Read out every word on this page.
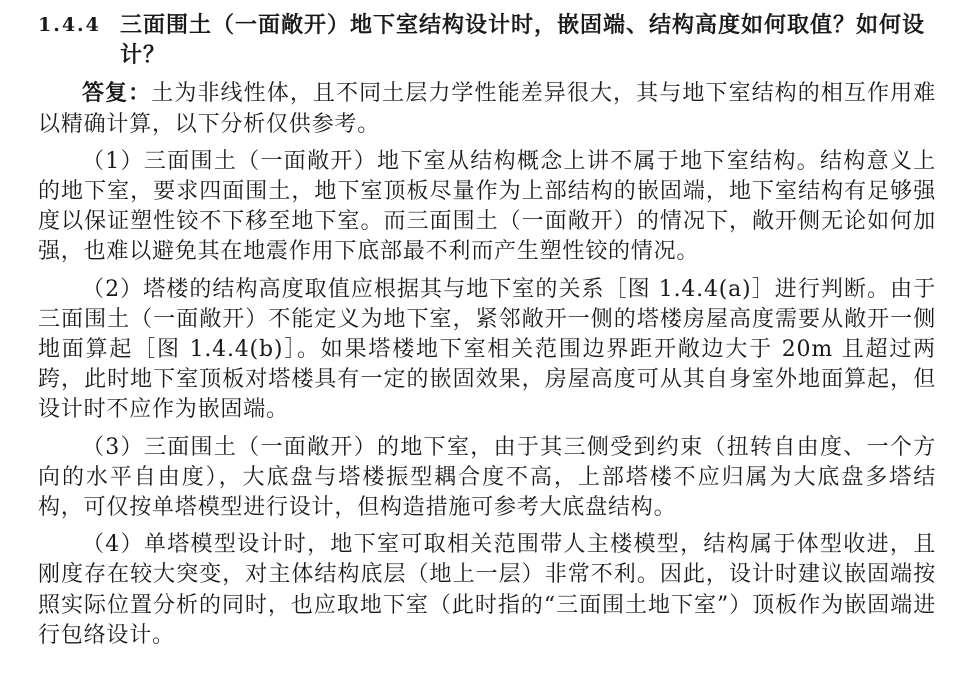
1.4.4 三面围土（一面敞开）地下室结构设计时，嵌固端、结构高度如何取值？如何设计？

答复：土为非线性体，且不同土层力学性能差异很大，其与地下室结构的相互作用难以精确计算，以下分析仅供参考。

（1）三面围土（一面敞开）地下室从结构概念上讲不属于地下室结构。结构意义上的地下室，要求四面围土，地下室顶板尽量作为上部结构的嵌固端，地下室结构有足够强度以保证塑性铰不下移至地下室。而三面围土（一面敞开）的情况下，敞开侧无论如何加强，也难以避免其在地震作用下底部最不利而产生塑性铰的情况。

（2）塔楼的结构高度取值应根据其与地下室的关系［图 1.4.4(a)］进行判断。由于三面围土（一面敞开）不能定义为地下室，紧邻敞开一侧的塔楼房屋高度需要从敞开一侧地面算起［图 1.4.4(b)］。如果塔楼地下室相关范围边界距开敞边大于 20m 且超过两跨，此时地下室顶板对塔楼具有一定的嵌固效果，房屋高度可从其自身室外地面算起，但设计时不应作为嵌固端。

（3）三面围土（一面敞开）的地下室，由于其三侧受到约束（扭转自由度、一个方向的水平自由度），大底盘与塔楼振型耦合度不高，上部塔楼不应归属为大底盘多塔结构，可仅按单塔模型进行设计，但构造措施可参考大底盘结构。

（4）单塔模型设计时，地下室可取相关范围带人主楼模型，结构属于体型收进，且刚度存在较大突变，对主体结构底层（地上一层）非常不利。因此，设计时建议嵌固端按照实际位置分析的同时，也应取地下室（此时指的“三面围土地下室”）顶板作为嵌固端进行包络设计。
